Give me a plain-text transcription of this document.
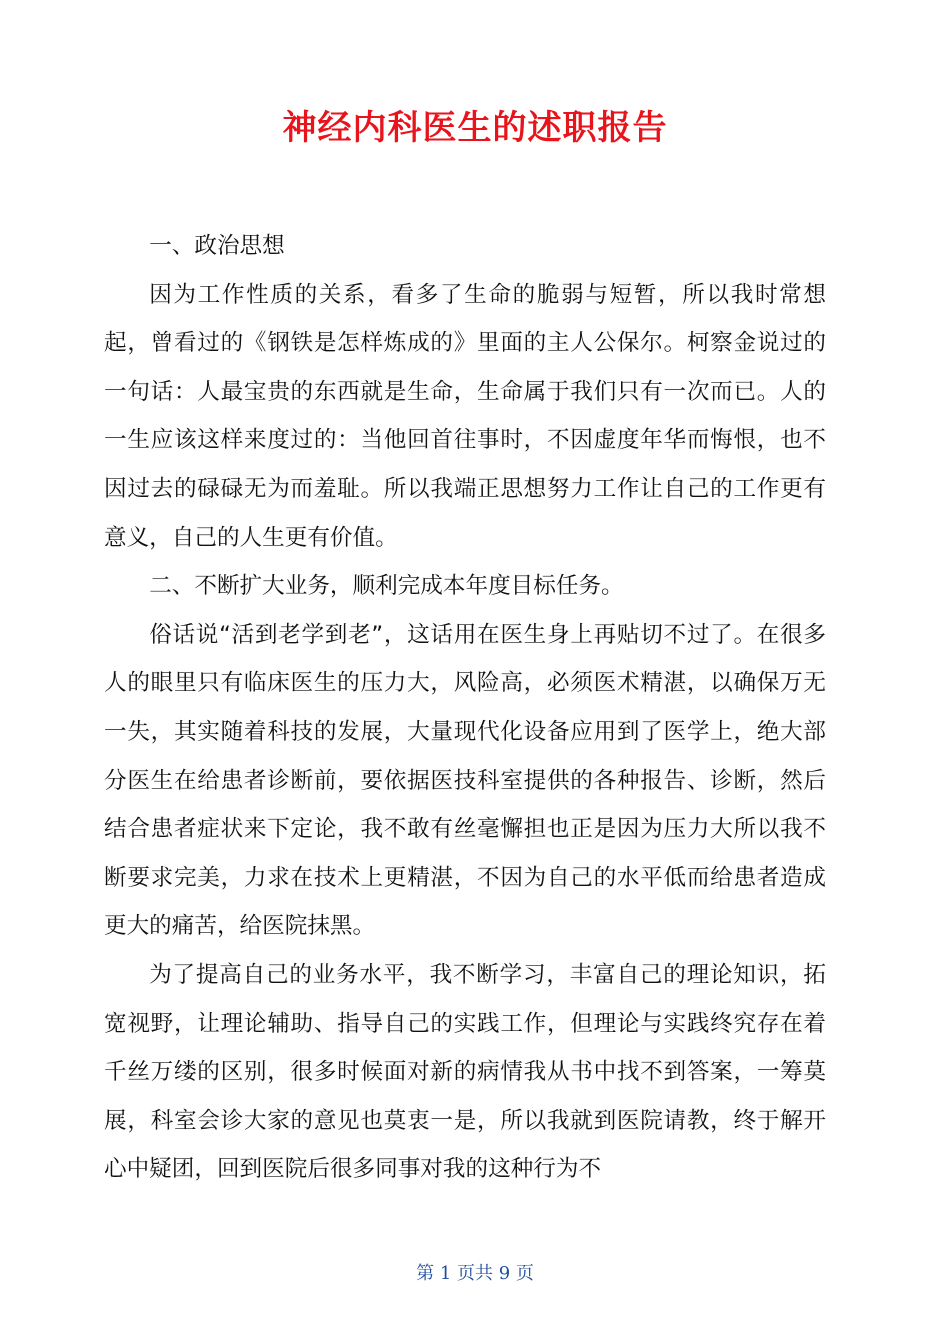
神经内科医生的述职报告

一、政治思想

因为工作性质的关系，看多了生命的脆弱与短暂，所以我时常想起，曾看过的《钢铁是怎样炼成的》里面的主人公保尔。柯察金说过的一句话：人最宝贵的东西就是生命，生命属于我们只有一次而已。人的一生应该这样来度过的：当他回首往事时，不因虚度年华而悔恨，也不因过去的碌碌无为而羞耻。所以我端正思想努力工作让自己的工作更有意义，自己的人生更有价值。

二、不断扩大业务，顺利完成本年度目标任务。

俗话说“活到老学到老”，这话用在医生身上再贴切不过了。在很多人的眼里只有临床医生的压力大，风险高，必须医术精湛，以确保万无一失，其实随着科技的发展，大量现代化设备应用到了医学上，绝大部分医生在给患者诊断前，要依据医技科室提供的各种报告、诊断，然后结合患者症状来下定论，我不敢有丝毫懈担也正是因为压力大所以我不断要求完美，力求在技术上更精湛，不因为自己的水平低而给患者造成更大的痛苦，给医院抹黑。

为了提高自己的业务水平，我不断学习，丰富自己的理论知识，拓宽视野，让理论辅助、指导自己的实践工作，但理论与实践终究存在着千丝万缕的区别，很多时候面对新的病情我从书中找不到答案，一筹莫展，科室会诊大家的意见也莫衷一是，所以我就到医院请教，终于解开心中疑团，回到医院后很多同事对我的这种行为不

第 1 页共 9 页
